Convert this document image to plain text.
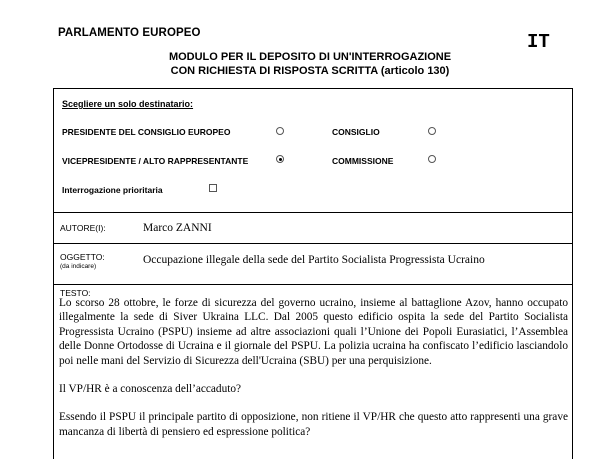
PARLAMENTO EUROPEO	IT
MODULO PER IL DEPOSITO DI UN'INTERROGAZIONE
CON RICHIESTA DI RISPOSTA SCRITTA (articolo 130)
Scegliere un solo destinatario:
PRESIDENTE DEL CONSIGLIO EUROPEO	CONSIGLIO
VICEPRESIDENTE / ALTO RAPPRESENTANTE	COMMISSIONE
Interrogazione prioritaria
AUTORE(I):	Marco ZANNI
OGGETTO:
(da indicare)
Occupazione illegale della sede del Partito Socialista Progressista Ucraino
TESTO:

Lo scorso 28 ottobre, le forze di sicurezza del governo ucraino, insieme al battaglione Azov, hanno occupato illegalmente la sede di Siver Ukraina LLC. Dal 2005 questo edificio ospita la sede del Partito Socialista Progressista Ucraino (PSPU) insieme ad altre associazioni quali l’Unione dei Popoli Eurasiatici, l’Assemblea delle Donne Ortodosse di Ucraina e il giornale del PSPU. La polizia ucraina ha confiscato l’edificio lasciandolo poi nelle mani del Servizio di Sicurezza dell'Ucraina (SBU) per una perquisizione.

Il VP/HR è a conoscenza dell’accaduto?

Essendo il PSPU il principale partito di opposizione, non ritiene il VP/HR che questo atto rappresenti una grave mancanza di libertà di pensiero ed espressione politica?
